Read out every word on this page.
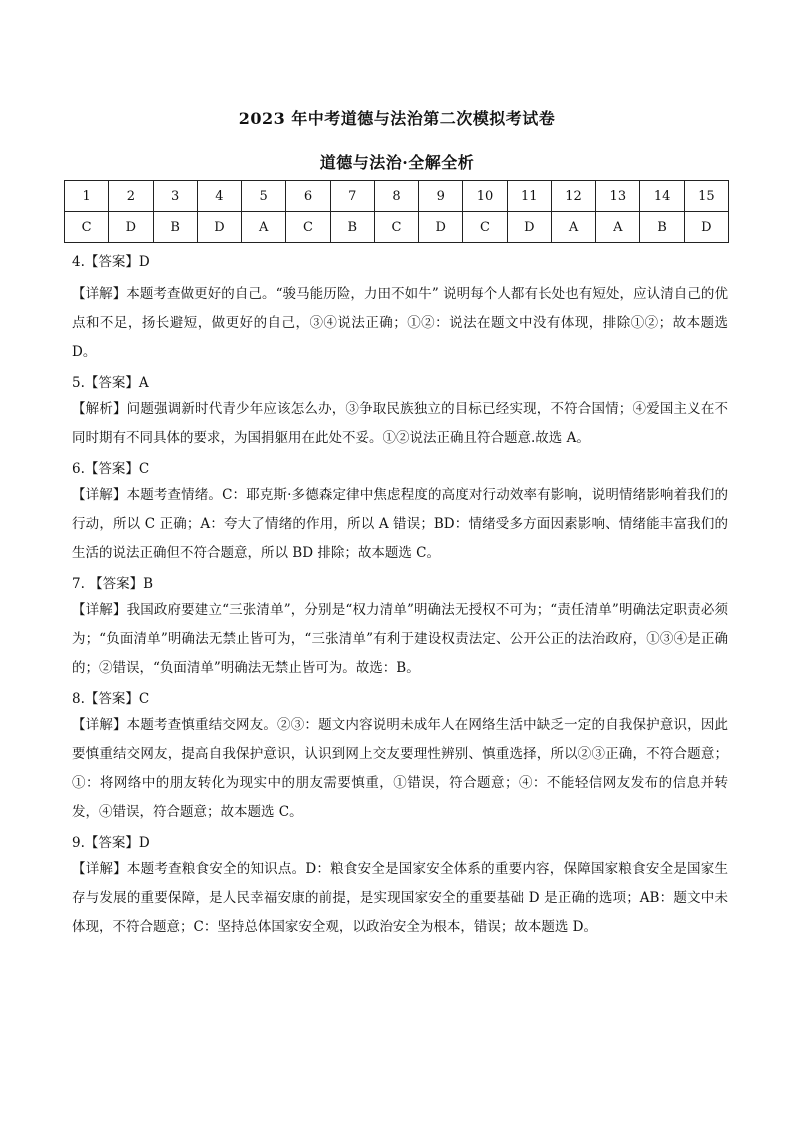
2023 年中考道德与法治第二次模拟考试卷
道德与法治·全解全析
1	2	3	4	5	6	7	8	9	10	11	12	13	14	15
C	D	B	D	A	C	B	C	D	C	D	A	A	B	D
4.【答案】D
【详解】本题考查做更好的自己。“骏马能历险，力田不如牛” 说明每个人都有长处也有短处，应认清自己的优点和不足，扬长避短，做更好的自己，③④说法正确；①②：说法在题文中没有体现，排除①②；故本题选 D。
5.【答案】A
【解析】问题强调新时代青少年应该怎么办，③争取民族独立的目标已经实现，不符合国情；④爱国主义在不同时期有不同具体的要求，为国捐躯用在此处不妥。①②说法正确且符合题意.故选 A。
6.【答案】C
【详解】本题考查情绪。C：耶克斯·多德森定律中焦虑程度的高度对行动效率有影响，说明情绪影响着我们的行动，所以 C 正确；A：夸大了情绪的作用，所以 A 错误；BD：情绪受多方面因素影响、情绪能丰富我们的生活的说法正确但不符合题意，所以 BD 排除；故本题选 C。
7. 【答案】B
【详解】我国政府要建立“三张清单”，分别是“权力清单”明确法无授权不可为；“责任清单”明确法定职责必须为；“负面清单”明确法无禁止皆可为，“三张清单”有利于建设权责法定、公开公正的法治政府，①③④是正确的；②错误，“负面清单”明确法无禁止皆可为。故选：B。
8.【答案】C
【详解】本题考查慎重结交网友。②③：题文内容说明未成年人在网络生活中缺乏一定的自我保护意识，因此要慎重结交网友，提高自我保护意识，认识到网上交友要理性辨别、慎重选择，所以②③正确，不符合题意；①：将网络中的朋友转化为现实中的朋友需要慎重，①错误，符合题意；④：不能轻信网友发布的信息并转发，④错误，符合题意；故本题选 C。
9.【答案】D
【详解】本题考查粮食安全的知识点。D：粮食安全是国家安全体系的重要内容，保障国家粮食安全是国家生存与发展的重要保障，是人民幸福安康的前提，是实现国家安全的重要基础 D 是正确的选项；AB：题文中未体现，不符合题意；C：坚持总体国家安全观，以政治安全为根本，错误；故本题选 D。
